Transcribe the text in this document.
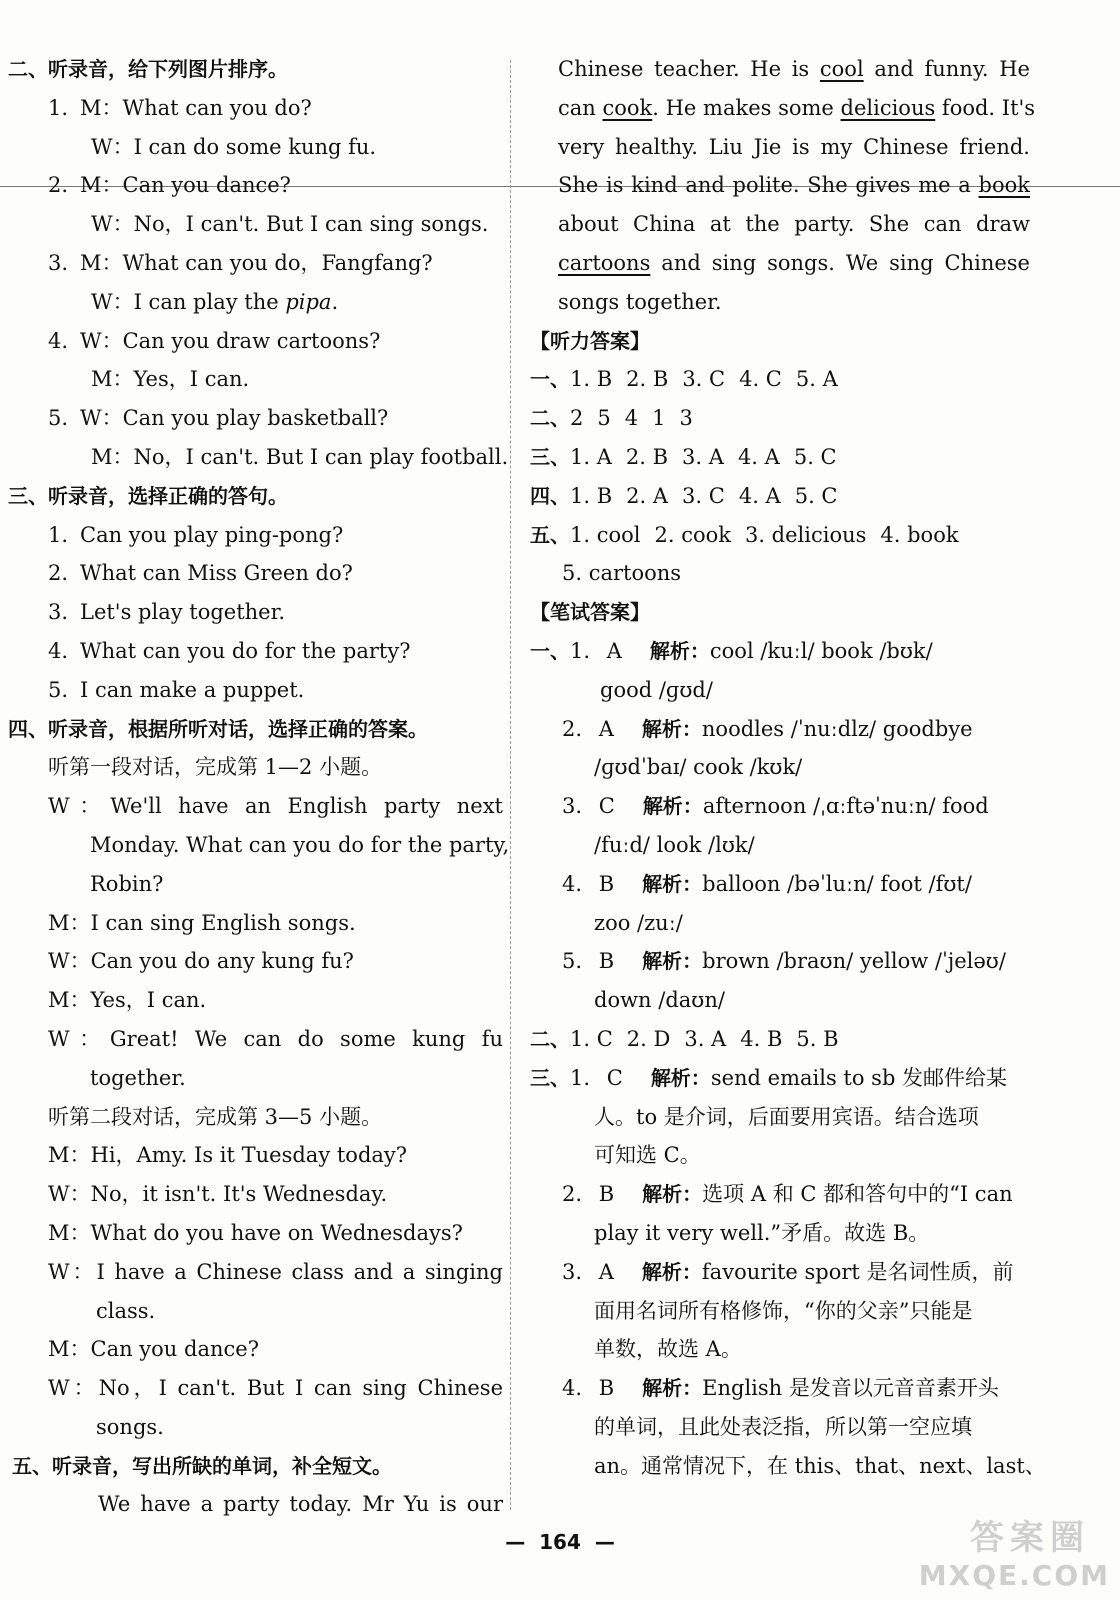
二、听录音，给下列图片排序。
1. M：What can you do?
W：I can do some kung fu.
2. M：Can you dance?
W：No，I can't. But I can sing songs.
3. M：What can you do，Fangfang?
W：I can play the pipa.
4. W：Can you draw cartoons?
M：Yes，I can.
5. W：Can you play basketball?
M：No，I can't. But I can play football.
三、听录音，选择正确的答句。
1. Can you play ping-pong?
2. What can Miss Green do?
3. Let's play together.
4. What can you do for the party?
5. I can make a puppet.
四、听录音，根据所听对话，选择正确的答案。
听第一段对话，完成第 1—2 小题。
W：We'll have an English party next
Monday. What can you do for the party,
Robin?
M：I can sing English songs.
W：Can you do any kung fu?
M：Yes，I can.
W：Great! We can do some kung fu
together.
听第二段对话，完成第 3—5 小题。
M：Hi，Amy. Is it Tuesday today?
W：No，it isn't. It's Wednesday.
M：What do you have on Wednesdays?
W：I have a Chinese class and a singing
class.
M：Can you dance?
W：No，I can't. But I can sing Chinese
songs.
五、听录音，写出所缺的单词，补全短文。
We have a party today. Mr Yu is our
Chinese teacher. He is cool and funny. He
can cook. He makes some delicious food. It's
very healthy. Liu Jie is my Chinese friend.
She is kind and polite. She gives me a book
about China at the party. She can draw
cartoons and sing songs. We sing Chinese
songs together.
【听力答案】
一、1. B 2. B 3. C 4. C 5. A
二、2 5 4 1 3
三、1. A 2. B 3. A 4. A 5. C
四、1. B 2. A 3. C 4. A 5. C
五、1. cool 2. cook 3. delicious 4. book
5. cartoons
【笔试答案】
一、1. A 解析：cool /kuːl/ book /bʊk/
good /ɡʊd/
2. A 解析：noodles /ˈnuːdlz/ goodbye
/ɡʊdˈbaɪ/ cook /kʊk/
3. C 解析：afternoon /ˌɑːftəˈnuːn/ food
/fuːd/ look /lʊk/
4. B 解析：balloon /bəˈluːn/ foot /fʊt/
zoo /zuː/
5. B 解析：brown /braʊn/ yellow /ˈjeləʊ/
down /daʊn/
二、1. C 2. D 3. A 4. B 5. B
三、1. C 解析：send emails to sb 发邮件给某
人。to 是介词，后面要用宾语。结合选项
可知选 C。
2. B 解析：选项 A 和 C 都和答句中的“I can
play it very well.”矛盾。故选 B。
3. A 解析：favourite sport 是名词性质，前
面用名词所有格修饰，“你的父亲”只能是
单数，故选 A。
4. B 解析：English 是发音以元音音素开头
的单词，且此处表泛指，所以第一空应填
an。通常情况下，在 this、that、next、last、
— 164 —	答案圈
MXQE.COM
